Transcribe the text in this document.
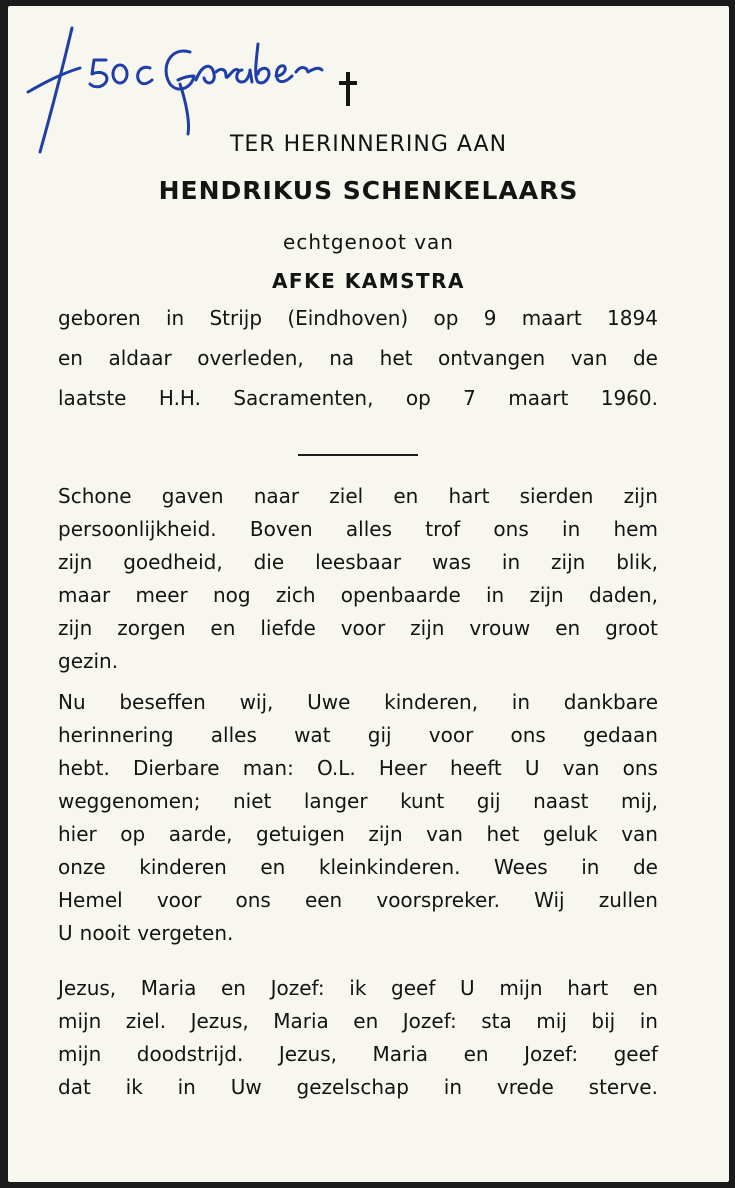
TER HERINNERING AAN

HENDRIKUS SCHENKELAARS

echtgenoot van

AFKE KAMSTRA

geboren in Strijp (Eindhoven) op 9 maart 1894
en aldaar overleden, na het ontvangen van de
laatste H.H. Sacramenten, op 7 maart 1960.
Schone gaven naar ziel en hart sierden zijn
persoonlijkheid. Boven alles trof ons in hem
zijn goedheid, die leesbaar was in zijn blik,
maar meer nog zich openbaarde in zijn daden,
zijn zorgen en liefde voor zijn vrouw en groot
gezin.
Nu beseffen wij, Uwe kinderen, in dankbare
herinnering alles wat gij voor ons gedaan
hebt. Dierbare man: O.L. Heer heeft U van ons
weggenomen; niet langer kunt gij naast mij,
hier op aarde, getuigen zijn van het geluk van
onze kinderen en kleinkinderen. Wees in de
Hemel voor ons een voorspreker. Wij zullen
U nooit vergeten.
Jezus, Maria en Jozef: ik geef U mijn hart en
mijn ziel. Jezus, Maria en Jozef: sta mij bij in
mijn doodstrijd. Jezus, Maria en Jozef: geef
dat ik in Uw gezelschap in vrede sterve.
